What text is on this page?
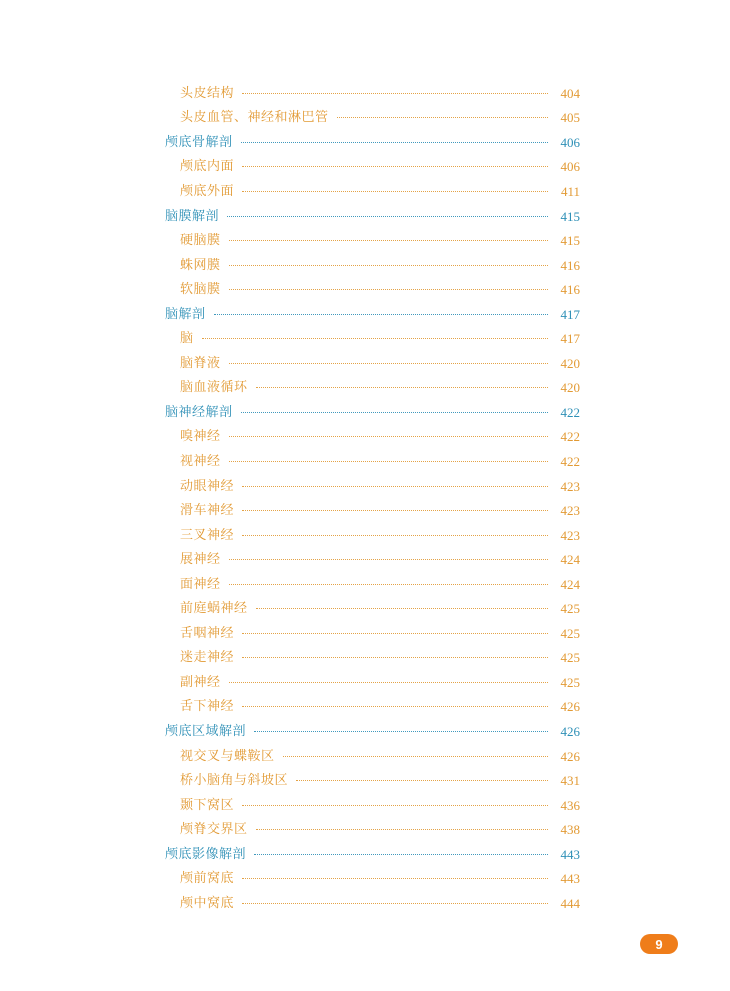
头皮结构	404
头皮血管、神经和淋巴管	405
颅底骨解剖	406
颅底内面	406
颅底外面	411
脑膜解剖	415
硬脑膜	415
蛛网膜	416
软脑膜	416
脑解剖	417
脑	417
脑脊液	420
脑血液循环	420
脑神经解剖	422
嗅神经	422
视神经	422
动眼神经	423
滑车神经	423
三叉神经	423
展神经	424
面神经	424
前庭蜗神经	425
舌咽神经	425
迷走神经	425
副神经	425
舌下神经	426
颅底区域解剖	426
视交叉与蝶鞍区	426
桥小脑角与斜坡区	431
颞下窝区	436
颅脊交界区	438
颅底影像解剖	443
颅前窝底	443
颅中窝底	444
9
